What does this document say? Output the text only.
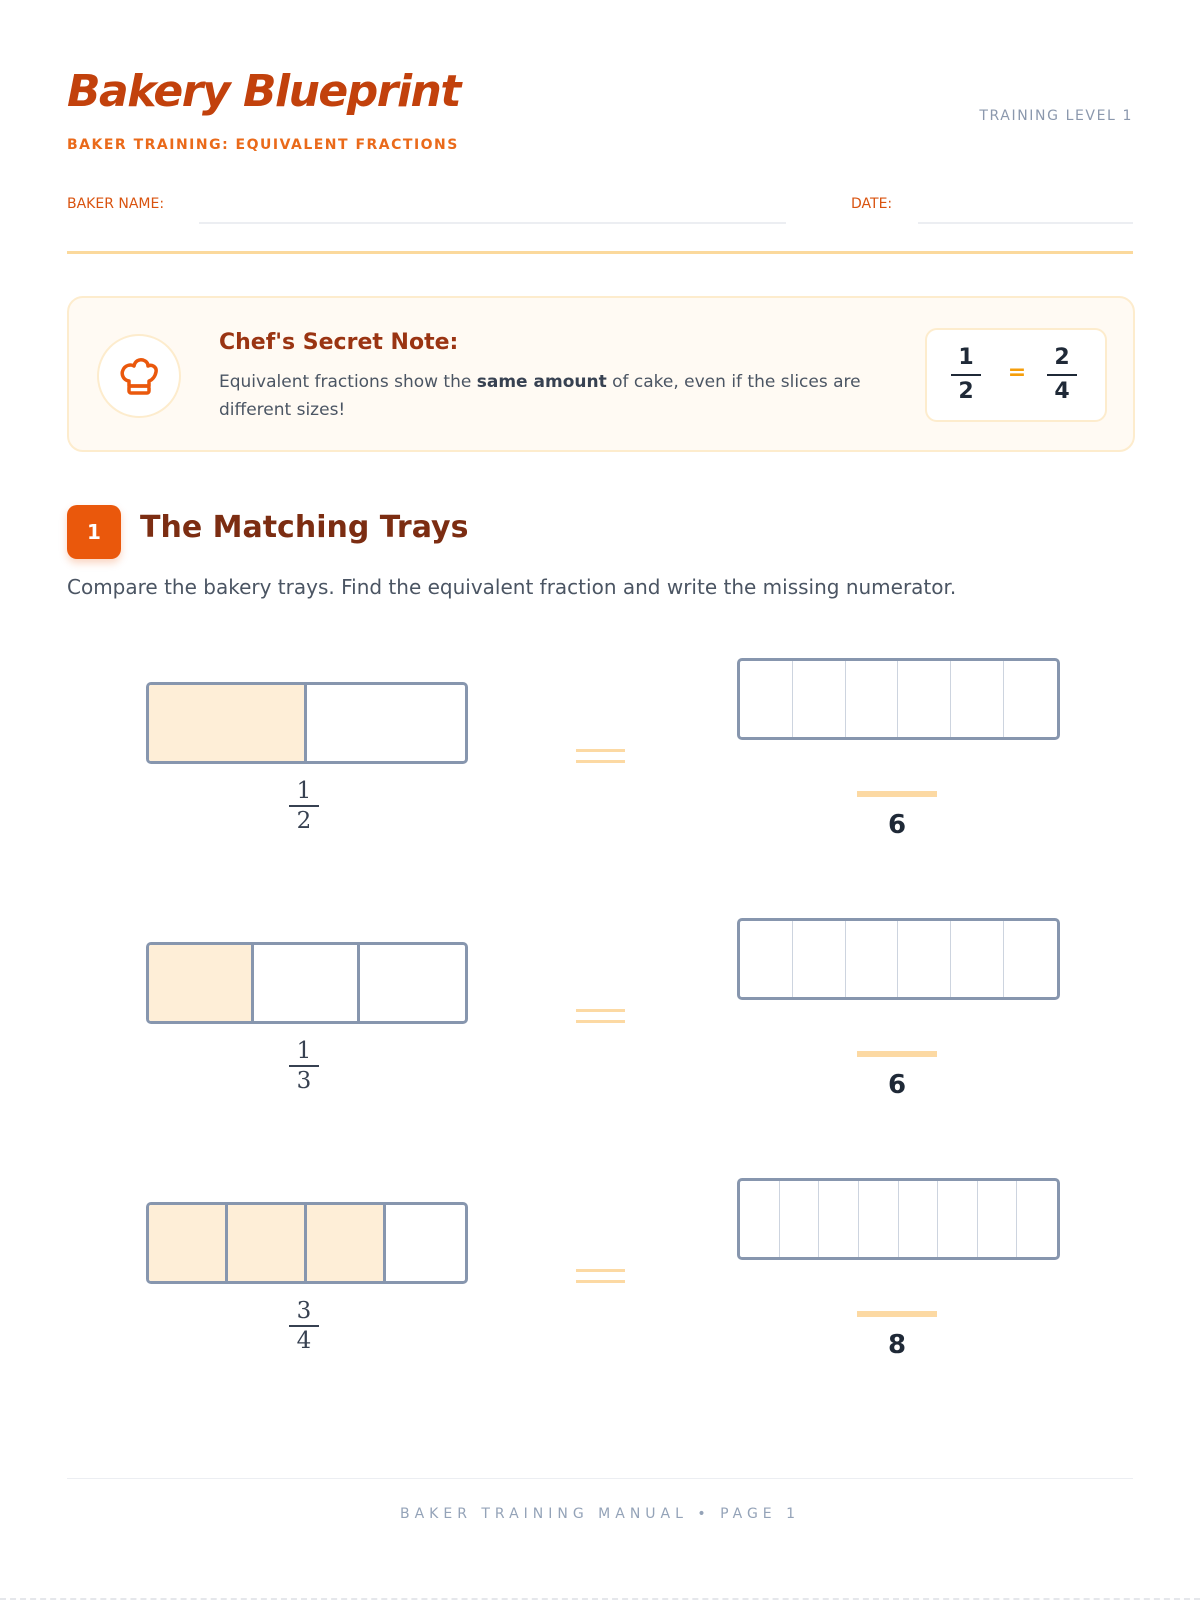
Bakery Blueprint
BAKER TRAINING: EQUIVALENT FRACTIONS
TRAINING LEVEL 1
BAKER NAME:	DATE:
Chef's Secret Note:
Equivalent fractions show the same amount of cake, even if the slices are different sizes!
1
2
=
2
4
1	The Matching Trays
Compare the bakery trays. Find the equivalent fraction and write the missing numerator.
1
2	6
1
3	6
3
4	8
BAKER TRAINING MANUAL • PAGE 1
